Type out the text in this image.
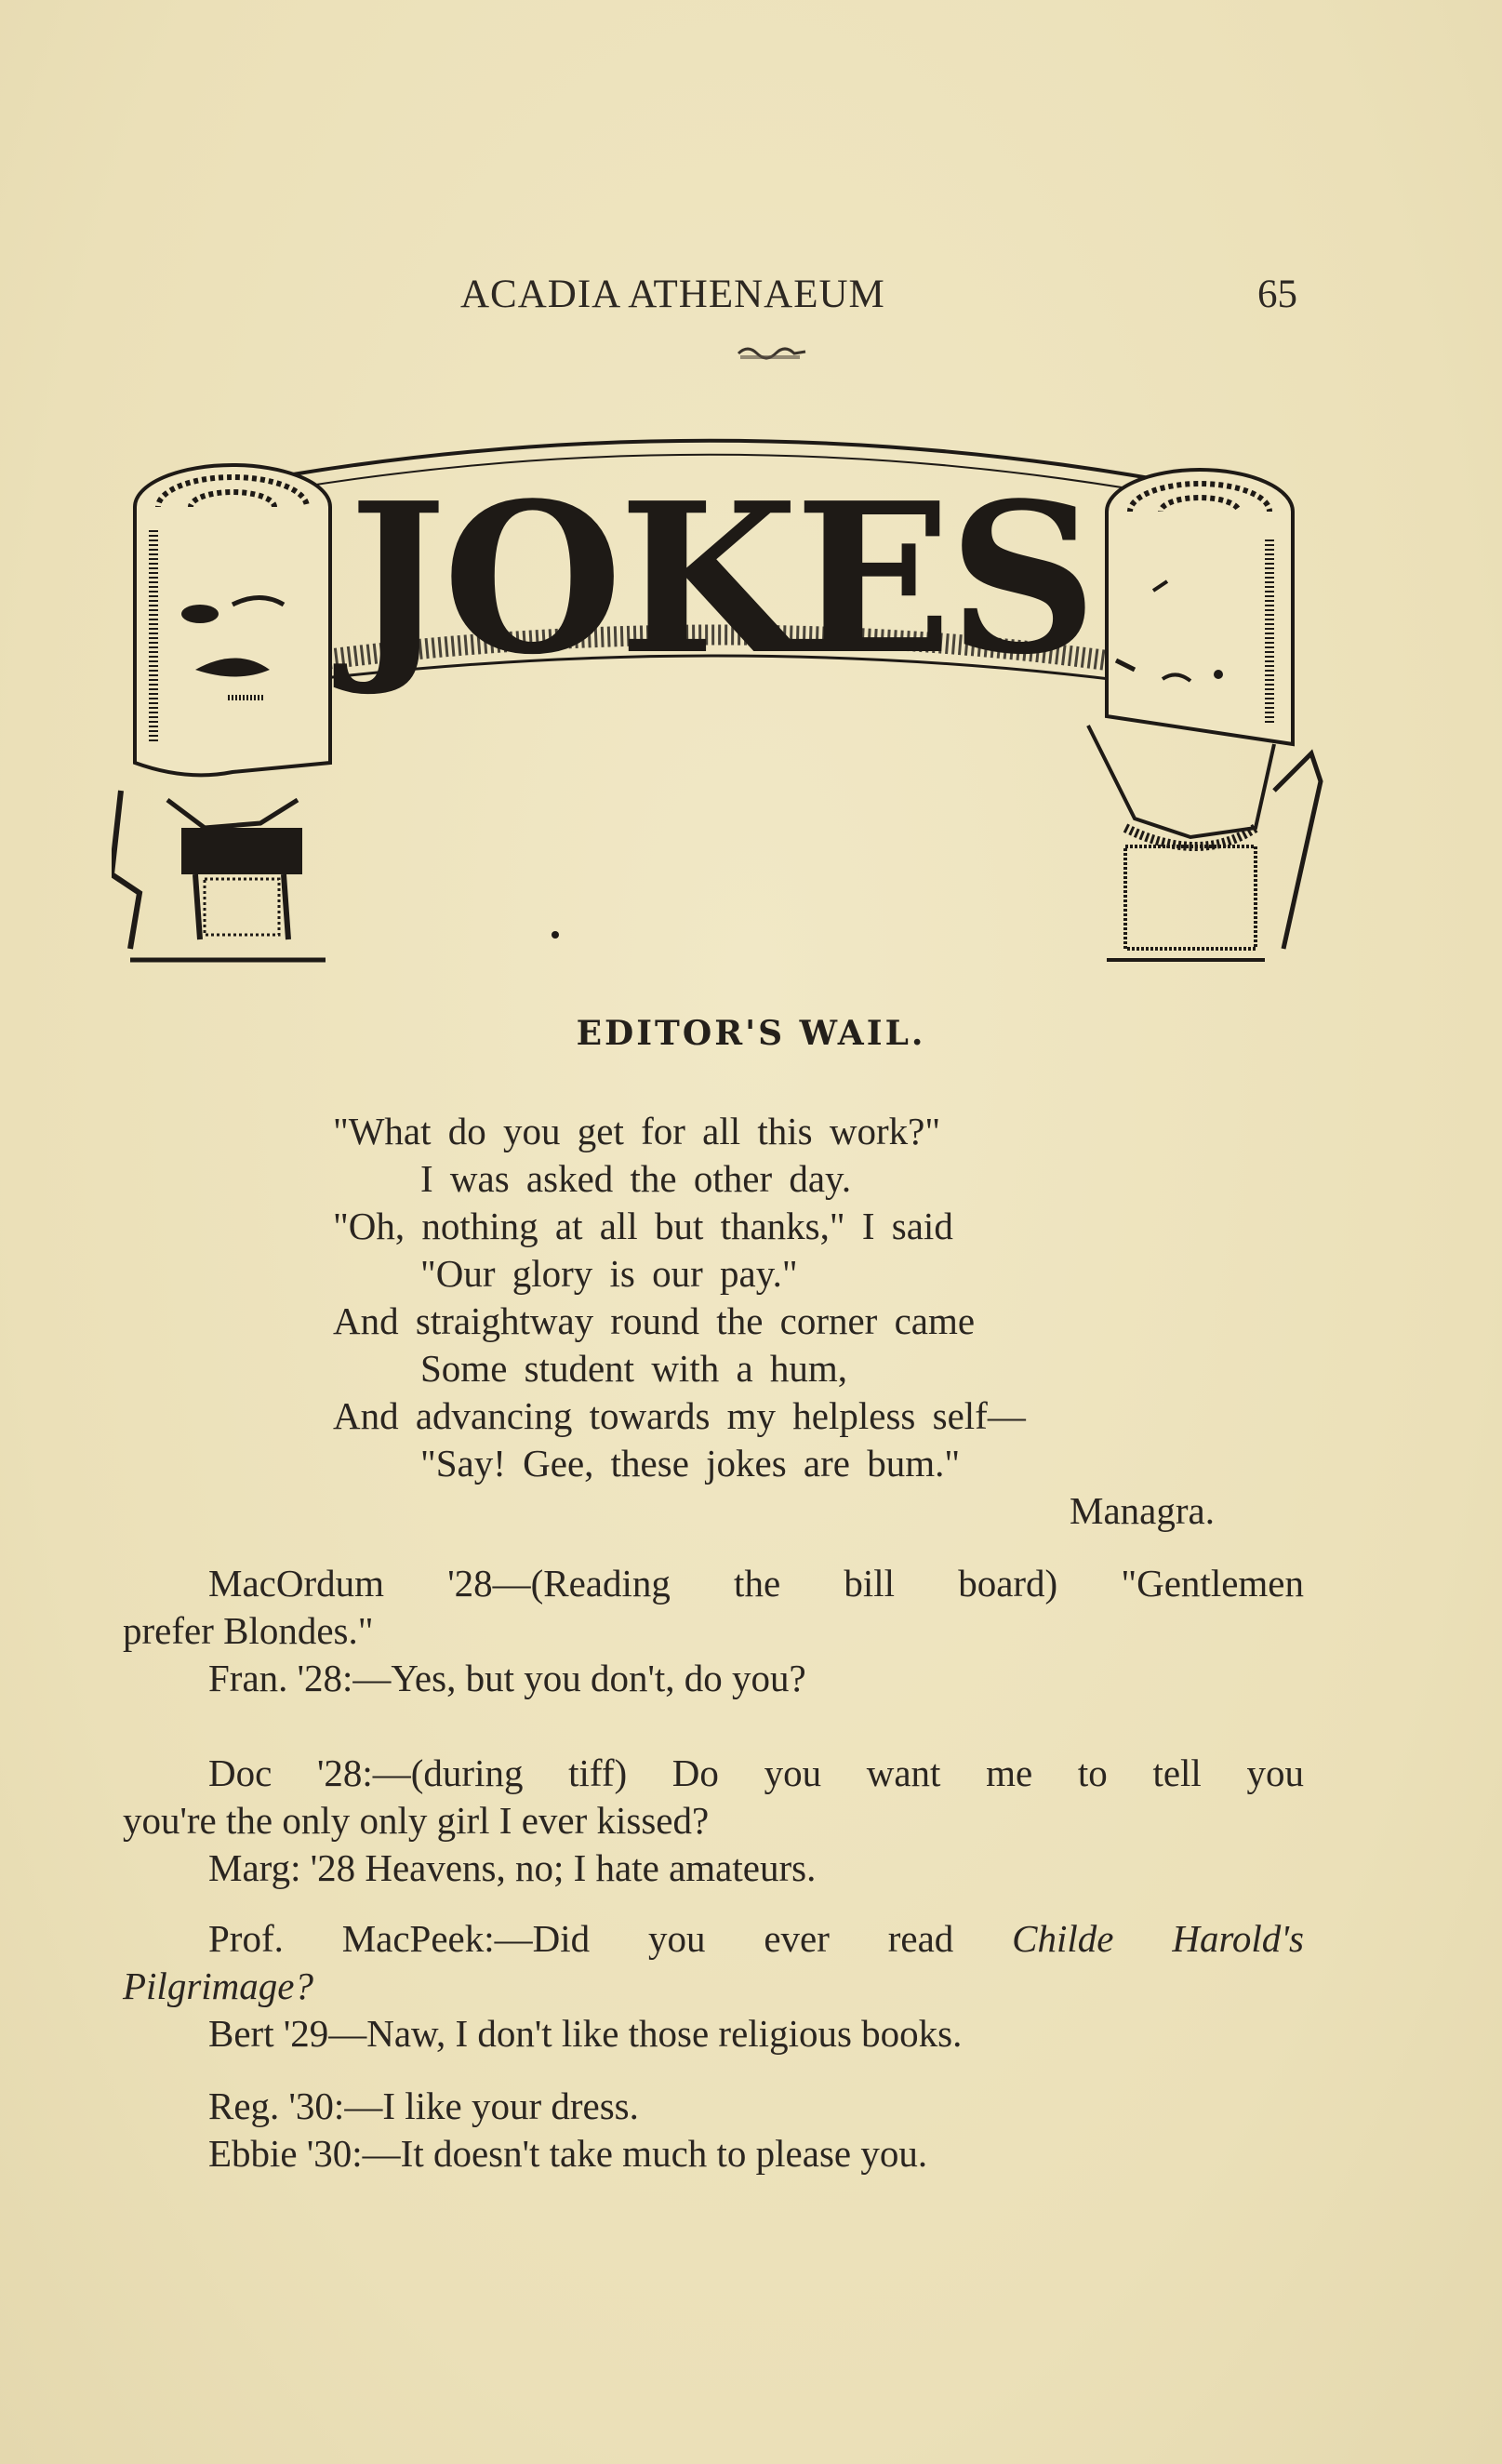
ACADIA ATHENAEUM	65
JOKES
EDITOR'S WAIL.
"What do you get for all this work?"
I was asked the other day.
"Oh, nothing at all but thanks," I said
"Our glory is our pay."
And straightway round the corner came
Some student with a hum,
And advancing towards my helpless self—
"Say! Gee, these jokes are bum."
Managra.
MacOrdum '28—(Reading the bill board) "Gentlemen
prefer Blondes."
Fran. '28:—Yes, but you don't, do you?
Doc '28:—(during tiff) Do you want me to tell you
you're the only only girl I ever kissed?
Marg: '28 Heavens, no; I hate amateurs.
Prof. MacPeek:—Did you ever read Childe Harold's
Pilgrimage?
Bert '29—Naw, I don't like those religious books.
Reg. '30:—I like your dress.
Ebbie '30:—It doesn't take much to please you.
